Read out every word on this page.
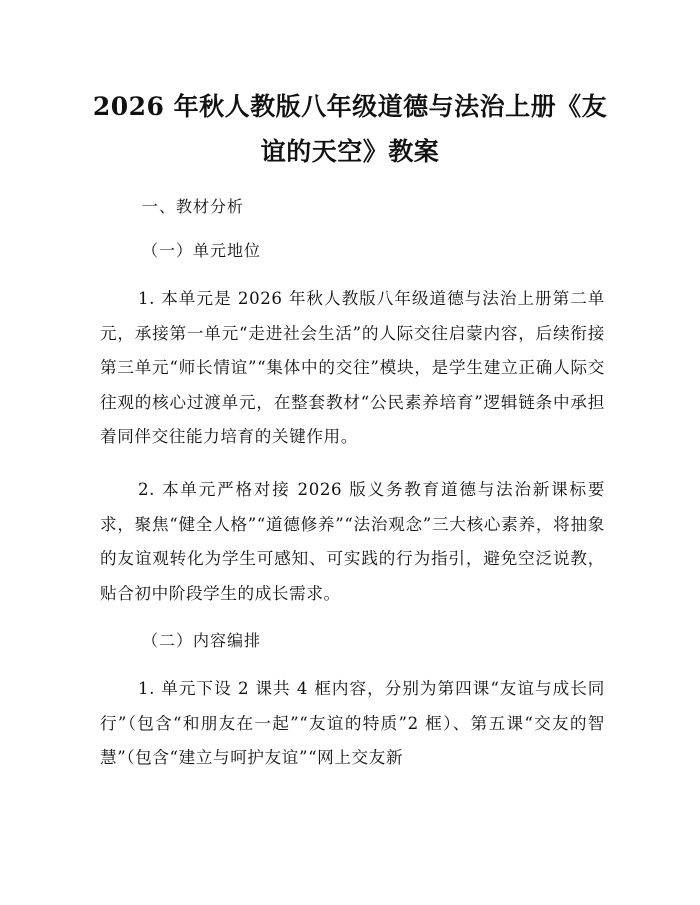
2026 年秋人教版八年级道德与法治上册《友
谊的天空》教案
一、教材分析
（一）单元地位
1. 本单元是 2026 年秋人教版八年级道德与法治上册第二单元，承接第一单元“走进社会生活”的人际交往启蒙内容，后续衔接第三单元“师长情谊”“集体中的交往”模块，是学生建立正确人际交往观的核心过渡单元，在整套教材“公民素养培育”逻辑链条中承担着同伴交往能力培育的关键作用。
2. 本单元严格对接 2026 版义务教育道德与法治新课标要求，聚焦“健全人格”“道德修养”“法治观念”三大核心素养，将抽象的友谊观转化为学生可感知、可实践的行为指引，避免空泛说教，贴合初中阶段学生的成长需求。
（二）内容编排
1. 单元下设 2 课共 4 框内容，分别为第四课“友谊与成长同行”（包含“和朋友在一起”“友谊的特质”2 框）、第五课“交友的智慧”（包含“建立与呵护友谊”“网上交友新
